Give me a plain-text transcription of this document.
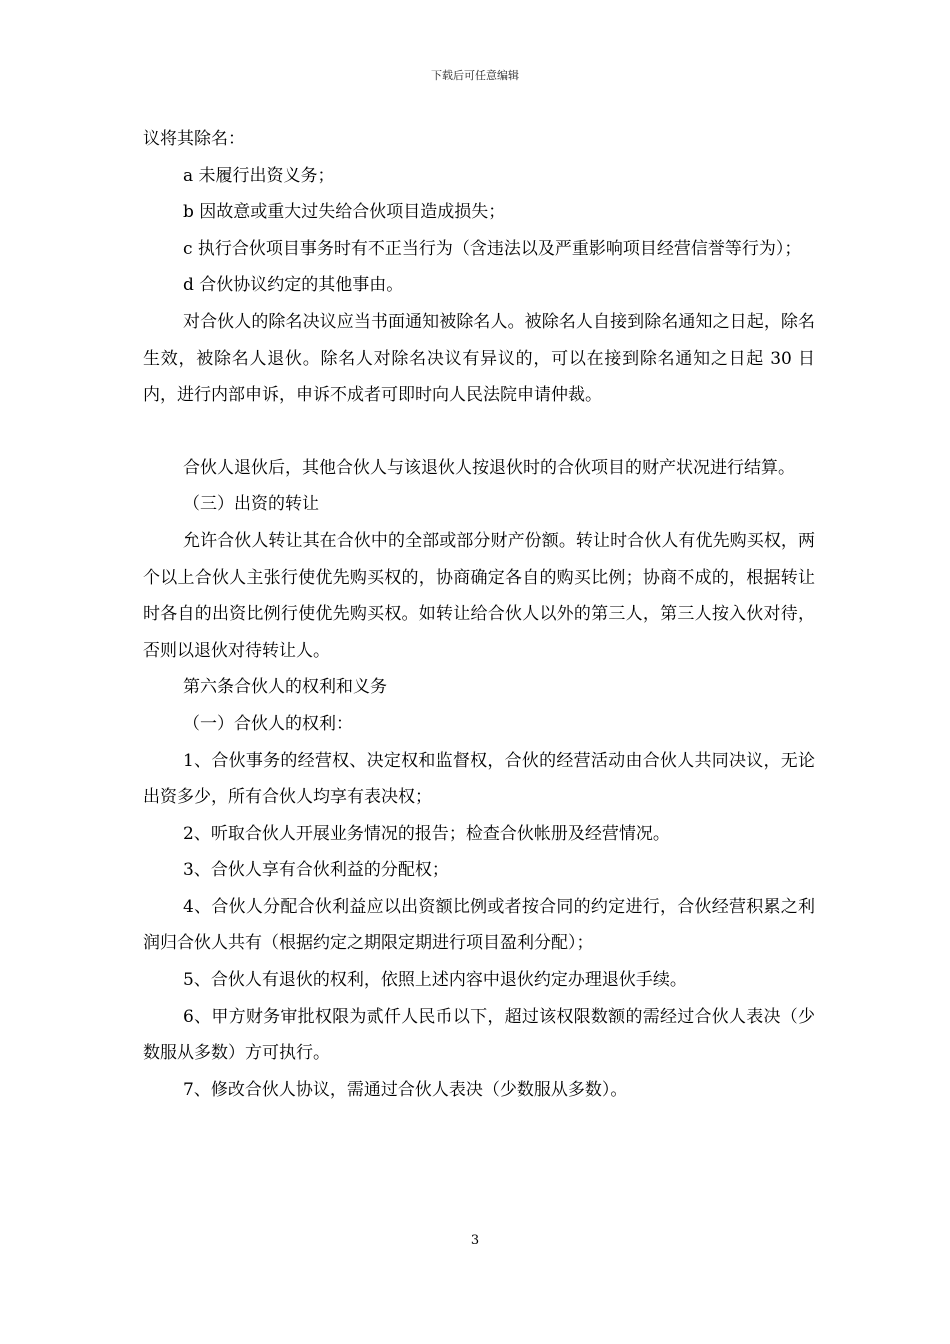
下载后可任意编辑

议将其除名：

a 未履行出资义务；

b 因故意或重大过失给合伙项目造成损失；

c 执行合伙项目事务时有不正当行为（含违法以及严重影响项目经营信誉等行为）；

d 合伙协议约定的其他事由。

对合伙人的除名决议应当书面通知被除名人。被除名人自接到除名通知之日起，除名生效，被除名人退伙。除名人对除名决议有异议的，可以在接到除名通知之日起 30 日内，进行内部申诉，申诉不成者可即时向人民法院申请仲裁。

合伙人退伙后，其他合伙人与该退伙人按退伙时的合伙项目的财产状况进行结算。

（三）出资的转让

允许合伙人转让其在合伙中的全部或部分财产份额。转让时合伙人有优先购买权，两个以上合伙人主张行使优先购买权的，协商确定各自的购买比例；协商不成的，根据转让时各自的出资比例行使优先购买权。如转让给合伙人以外的第三人，第三人按入伙对待，否则以退伙对待转让人。

第六条合伙人的权利和义务

（一）合伙人的权利：

1、合伙事务的经营权、决定权和监督权，合伙的经营活动由合伙人共同决议，无论出资多少，所有合伙人均享有表决权；

2、听取合伙人开展业务情况的报告；检查合伙帐册及经营情况。

3、合伙人享有合伙利益的分配权；

4、合伙人分配合伙利益应以出资额比例或者按合同的约定进行，合伙经营积累之利润归合伙人共有（根据约定之期限定期进行项目盈利分配）；

5、合伙人有退伙的权利，依照上述内容中退伙约定办理退伙手续。

6、甲方财务审批权限为贰仟人民币以下，超过该权限数额的需经过合伙人表决（少数服从多数）方可执行。

7、修改合伙人协议，需通过合伙人表决（少数服从多数）。

3
